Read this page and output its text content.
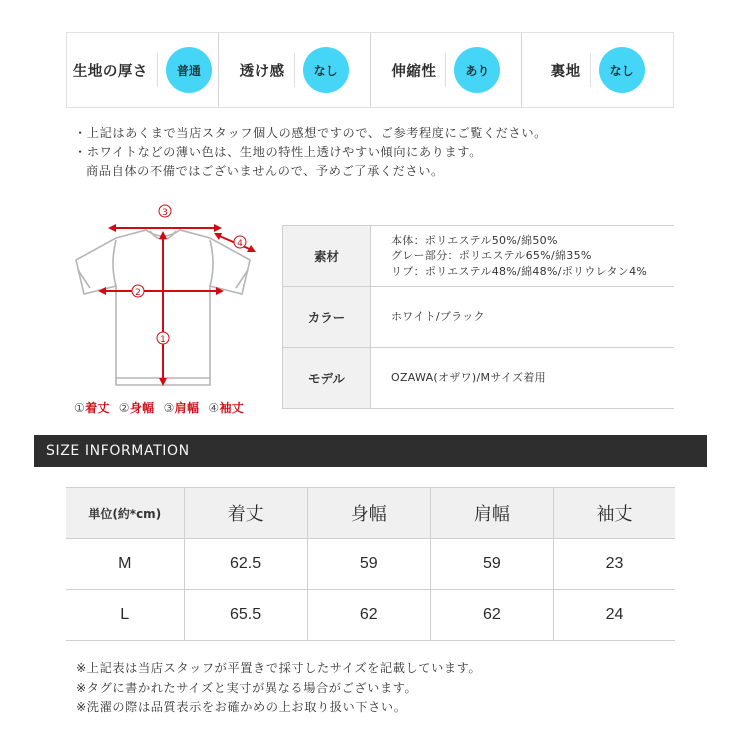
生地の厚さ	普通	透け感	なし	伸縮性	あり	裏地	なし
・上記はあくまで当店スタッフ個人の感想ですので、ご参考程度にご覧ください。
・ホワイトなどの薄い色は、生地の特性上透けやすい傾向にあります。
商品自体の不備ではございませんので、予めご了承ください。
3
4
2
1
①着丈 ②身幅 ③肩幅 ④袖丈
素材	本体：ポリエステル50%/綿50%
グレー部分：ポリエステル65%/綿35%
リブ：ポリエステル48%/綿48%/ポリウレタン4%

カラー	ホワイト/ブラック

モデル	OZAWA(オザワ)/Mサイズ着用
SIZE INFORMATION
単位(約*cm)	着丈	身幅	肩幅	袖丈
M	62.5	59	59	23
L	65.5	62	62	24
※上記表は当店スタッフが平置きで採寸したサイズを記載しています。
※タグに書かれたサイズと実寸が異なる場合がございます。
※洗濯の際は品質表示をお確かめの上お取り扱い下さい。
